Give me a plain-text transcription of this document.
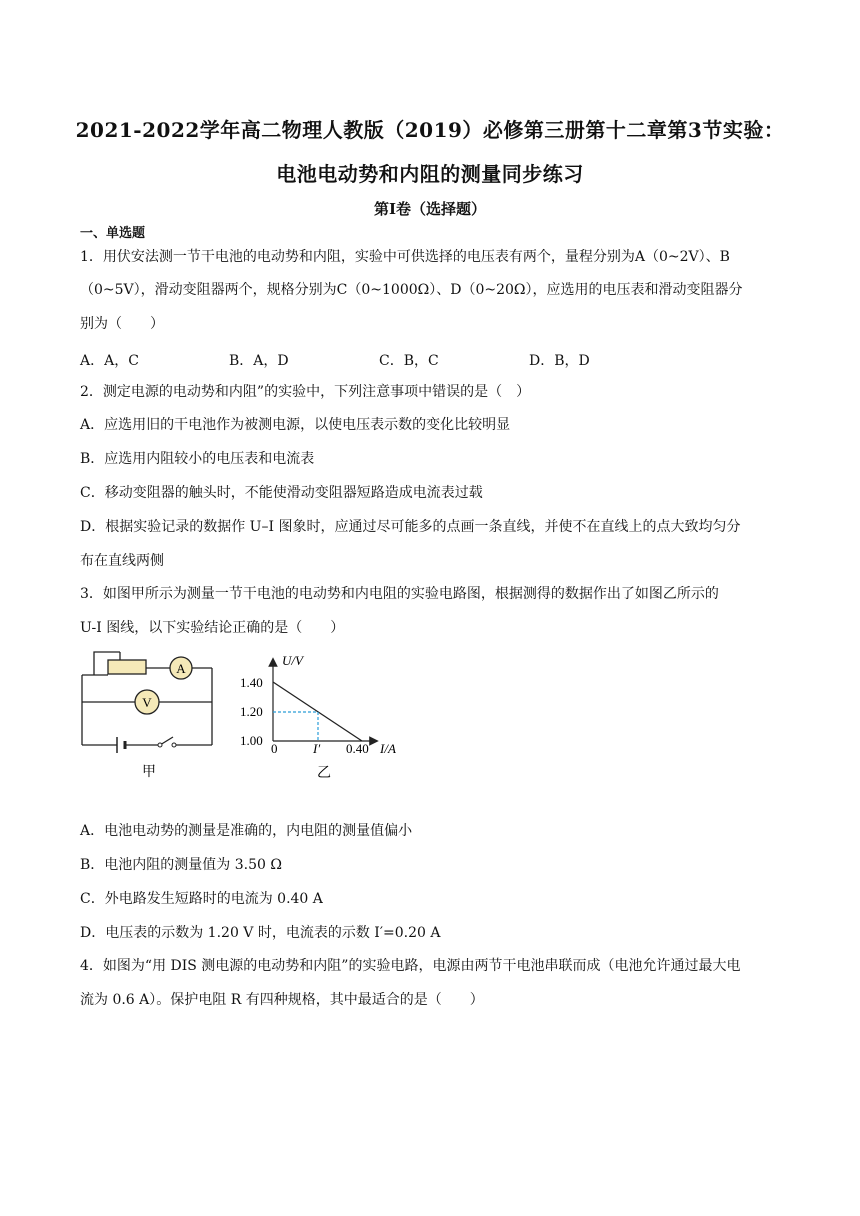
2021-2022学年高二物理人教版（2019）必修第三册第十二章第3节实验：
电池电动势和内阻的测量同步练习
第Ⅰ卷（选择题）
一、单选题
1．用伏安法测一节干电池的电动势和内阻，实验中可供选择的电压表有两个，量程分别为A（0~2V）、B
（0~5V），滑动变阻器两个，规格分别为C（0~1000Ω）、D（0~20Ω），应选用的电压表和滑动变阻器分
别为（　　）
A．A，C	B．A，D	C．B，C	D．B，D
2．测定电源的电动势和内阻”的实验中，下列注意事项中错误的是（　）
A．应选用旧的干电池作为被测电源，以使电压表示数的变化比较明显
B．应选用内阻较小的电压表和电流表
C．移动变阻器的触头时，不能使滑动变阻器短路造成电流表过载
D．根据实验记录的数据作 U–I 图象时，应通过尽可能多的点画一条直线，并使不在直线上的点大致均匀分
布在直线两侧
3．如图甲所示为测量一节干电池的电动势和内电阻的实验电路图，根据测得的数据作出了如图乙所示的
U-I 图线，以下实验结论正确的是（　　）
A
V
甲
U/V
1.40
1.20
1.00
0	I′ 0.40 I/A
乙
A．电池电动势的测量是准确的，内电阻的测量值偏小
B．电池内阻的测量值为 3.50 Ω
C．外电路发生短路时的电流为 0.40 A
D．电压表的示数为 1.20 V 时，电流表的示数 I′=0.20 A
4．如图为“用 DIS 测电源的电动势和内阻”的实验电路，电源由两节干电池串联而成（电池允许通过最大电
流为 0.6 A）。保护电阻 R 有四种规格，其中最适合的是（　　）
